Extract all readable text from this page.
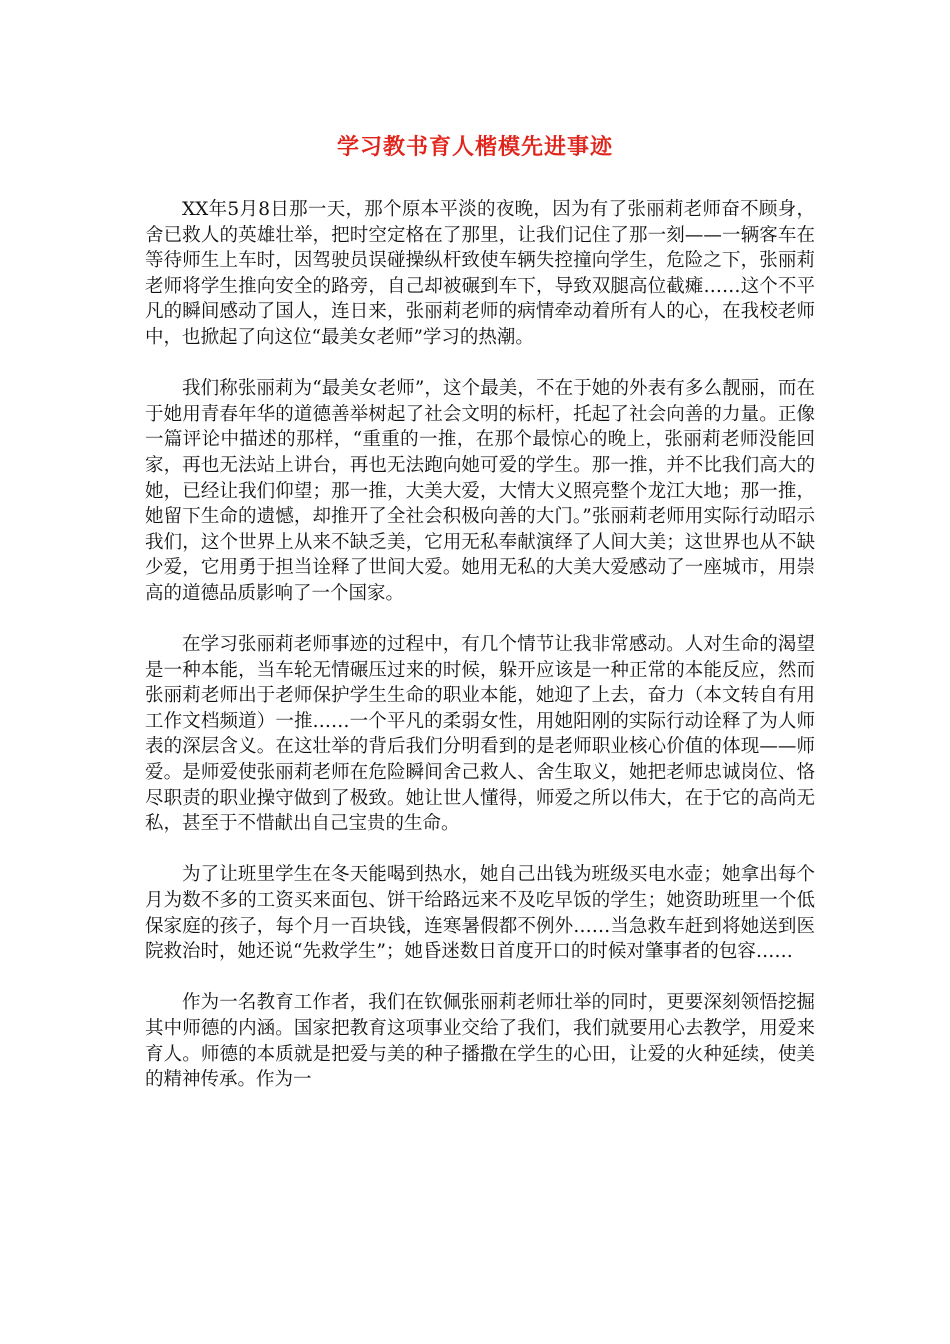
学习教书育人楷模先进事迹

XX年5月8日那一天，那个原本平淡的夜晚，因为有了张丽莉老师奋不顾身，舍已救人的英雄壮举，把时空定格在了那里，让我们记住了那一刻——一辆客车在等待师生上车时，因驾驶员误碰操纵杆致使车辆失控撞向学生，危险之下，张丽莉老师将学生推向安全的路旁，自己却被碾到车下，导致双腿高位截瘫……这个不平凡的瞬间感动了国人，连日来，张丽莉老师的病情牵动着所有人的心，在我校老师中，也掀起了向这位“最美女老师”学习的热潮。

我们称张丽莉为“最美女老师”，这个最美，不在于她的外表有多么靓丽，而在于她用青春年华的道德善举树起了社会文明的标杆，托起了社会向善的力量。正像一篇评论中描述的那样，“重重的一推，在那个最惊心的晚上，张丽莉老师没能回家，再也无法站上讲台，再也无法跑向她可爱的学生。那一推，并不比我们高大的她，已经让我们仰望；那一推，大美大爱，大情大义照亮整个龙江大地；那一推，她留下生命的遗憾，却推开了全社会积极向善的大门。”张丽莉老师用实际行动昭示我们，这个世界上从来不缺乏美，它用无私奉献演绎了人间大美；这世界也从不缺少爱，它用勇于担当诠释了世间大爱。她用无私的大美大爱感动了一座城市，用崇高的道德品质影响了一个国家。

在学习张丽莉老师事迹的过程中，有几个情节让我非常感动。人对生命的渴望是一种本能，当车轮无情碾压过来的时候，躲开应该是一种正常的本能反应，然而张丽莉老师出于老师保护学生生命的职业本能，她迎了上去，奋力（本文转自有用工作文档频道）一推……一个平凡的柔弱女性，用她阳刚的实际行动诠释了为人师表的深层含义。在这壮举的背后我们分明看到的是老师职业核心价值的体现——师爱。是师爱使张丽莉老师在危险瞬间舍己救人、舍生取义，她把老师忠诚岗位、恪尽职责的职业操守做到了极致。她让世人懂得，师爱之所以伟大，在于它的高尚无私，甚至于不惜献出自己宝贵的生命。

为了让班里学生在冬天能喝到热水，她自己出钱为班级买电水壶；她拿出每个月为数不多的工资买来面包、饼干给路远来不及吃早饭的学生；她资助班里一个低保家庭的孩子，每个月一百块钱，连寒暑假都不例外……当急救车赶到将她送到医院救治时，她还说“先救学生”；她昏迷数日首度开口的时候对肇事者的包容……

作为一名教育工作者，我们在钦佩张丽莉老师壮举的同时，更要深刻领悟挖掘其中师德的内涵。国家把教育这项事业交给了我们，我们就要用心去教学，用爱来育人。师德的本质就是把爱与美的种子播撒在学生的心田，让爱的火种延续，使美的精神传承。作为一
